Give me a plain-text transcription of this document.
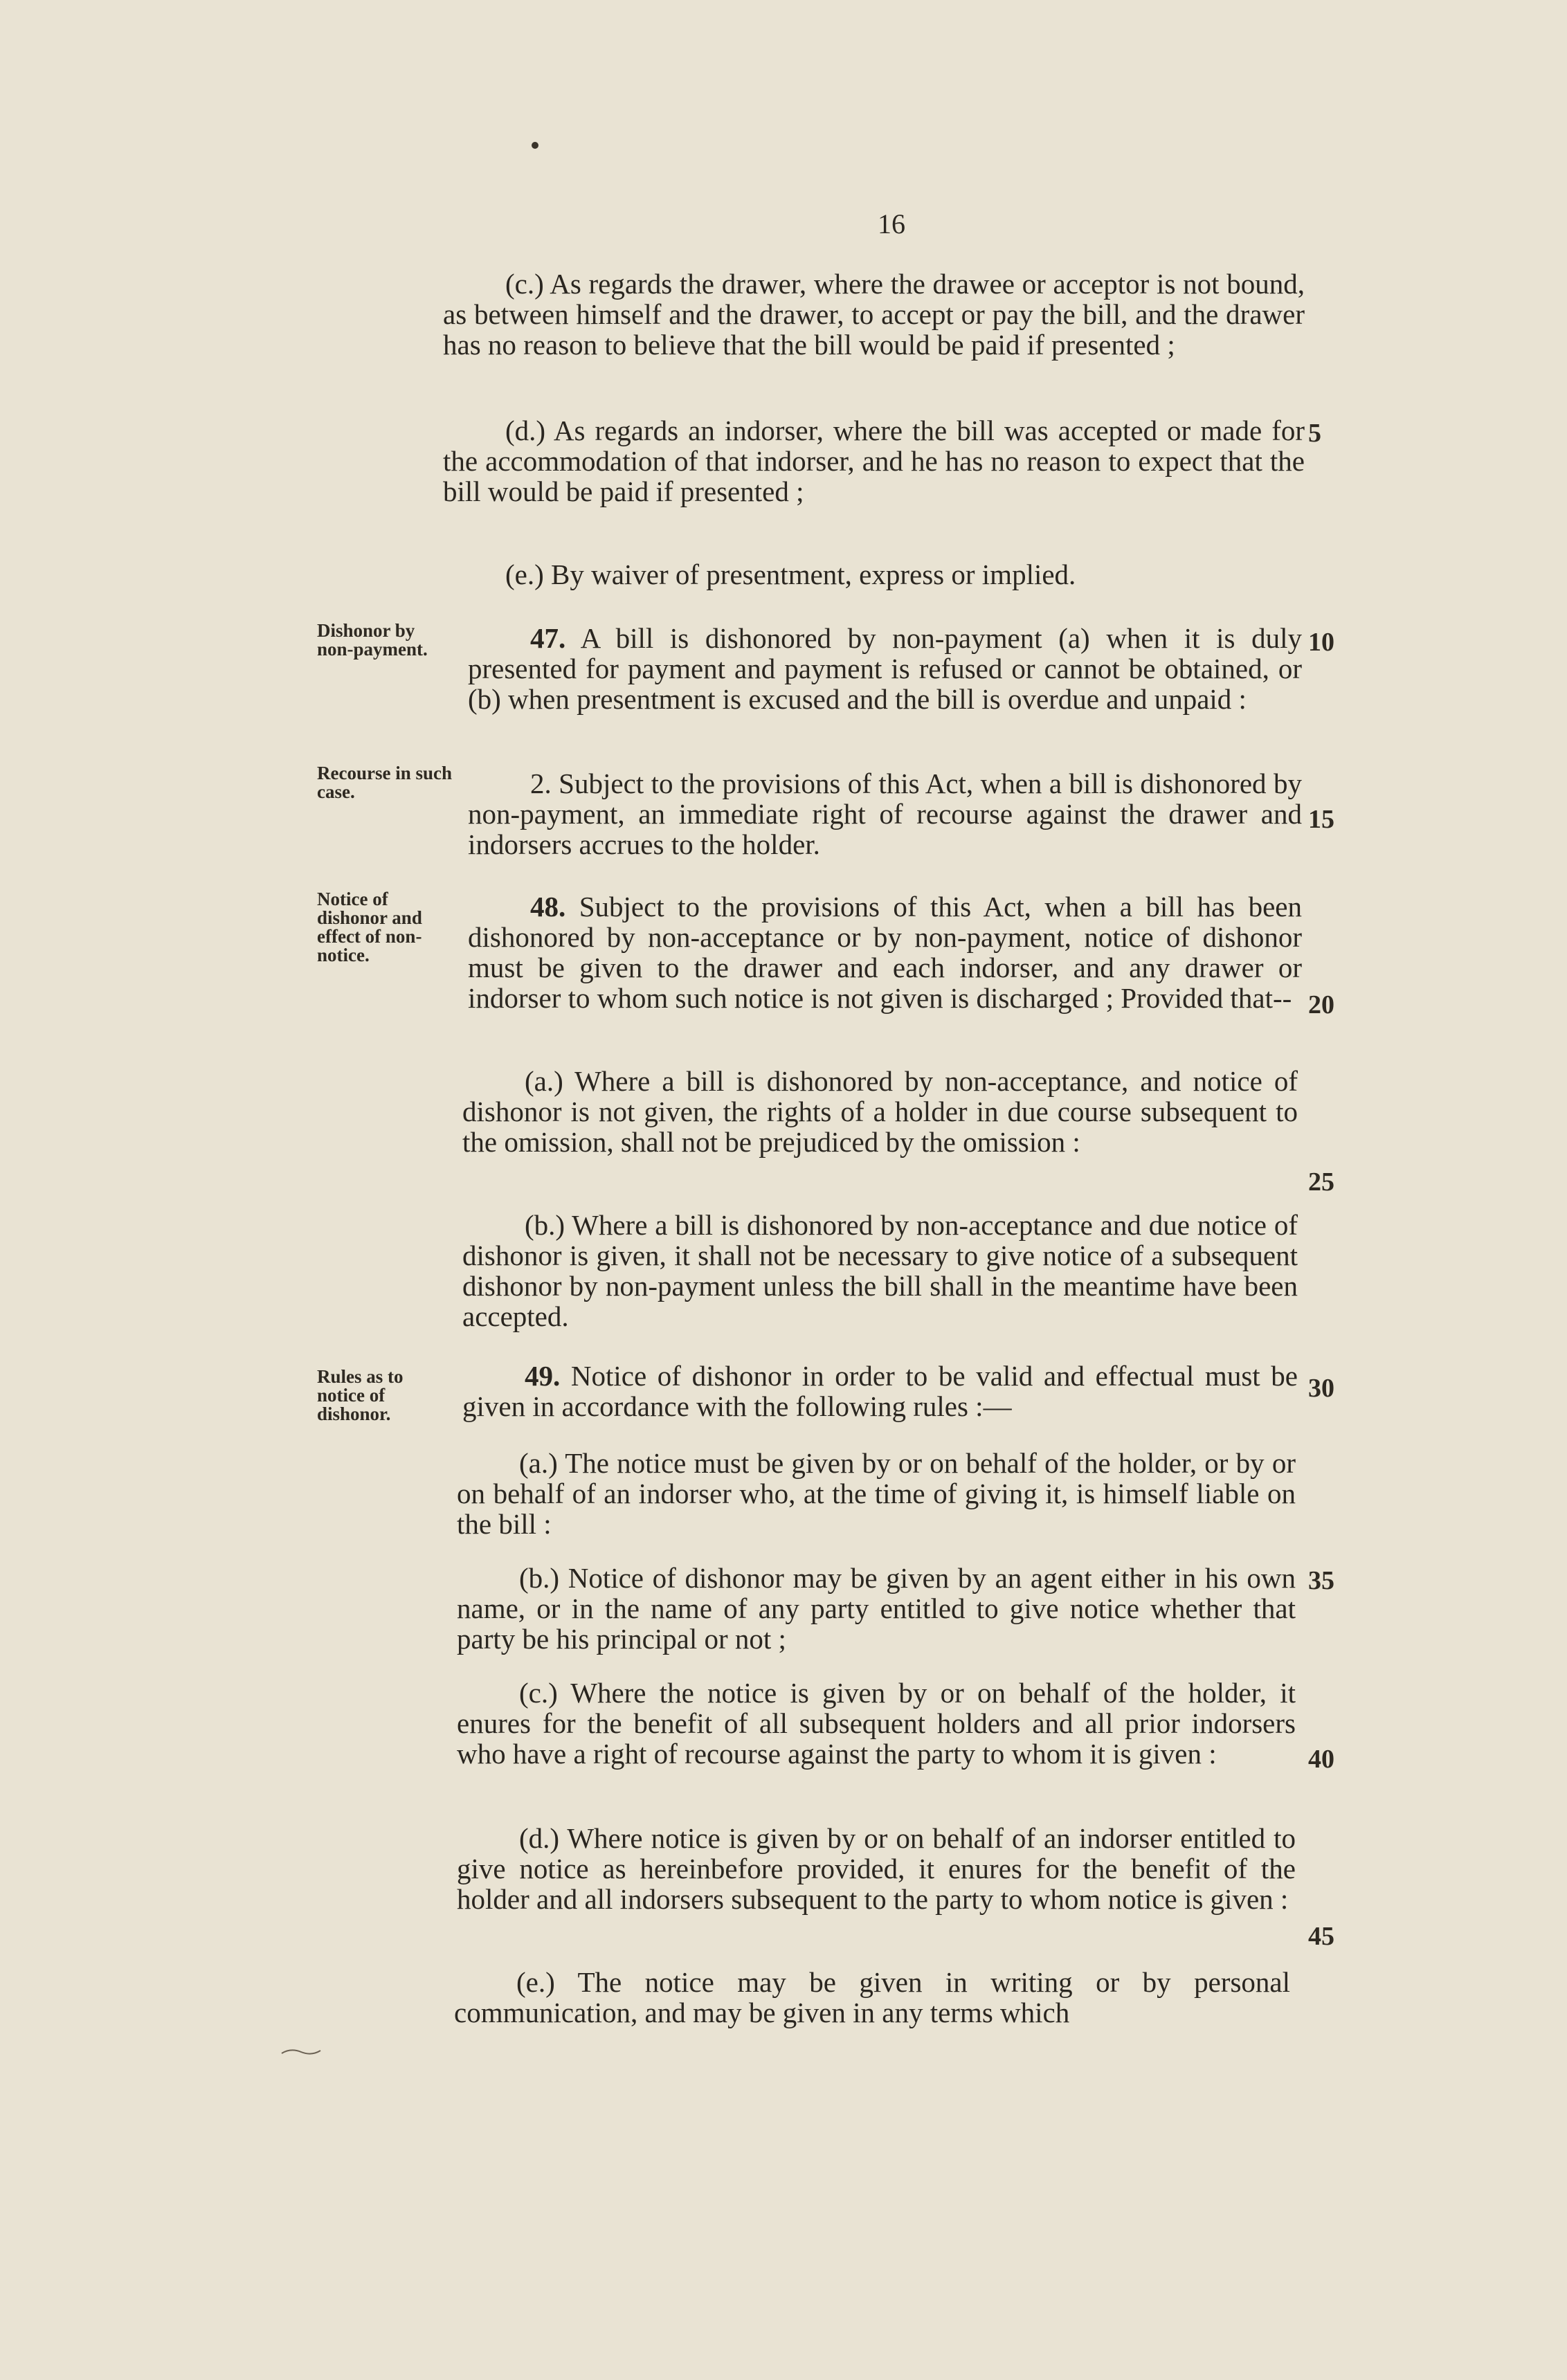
16

(c.) As regards the drawer, where the drawee or acceptor is not bound, as between himself and the drawer, to accept or pay the bill, and the drawer has no reason to believe that the bill would be paid if presented ;

(d.) As regards an indorser, where the bill was accepted or made for the accommodation of that indorser, and he has no reason to expect that the bill would be paid if presented ;

(e.) By waiver of presentment, express or implied.

47. A bill is dishonored by non-payment (a) when it is duly presented for payment and payment is refused or cannot be obtained, or (b) when presentment is excused and the bill is overdue and unpaid :

2. Subject to the provisions of this Act, when a bill is dishonored by non-payment, an immediate right of recourse against the drawer and indorsers accrues to the holder.

48. Subject to the provisions of this Act, when a bill has been dishonored by non-acceptance or by non-payment, notice of dishonor must be given to the drawer and each indorser, and any drawer or indorser to whom such notice is not given is discharged ; Provided that--

(a.) Where a bill is dishonored by non-acceptance, and notice of dishonor is not given, the rights of a holder in due course subsequent to the omission, shall not be prejudiced by the omission :

(b.) Where a bill is dishonored by non-acceptance and due notice of dishonor is given, it shall not be necessary to give notice of a subsequent dishonor by non-payment unless the bill shall in the meantime have been accepted.

49. Notice of dishonor in order to be valid and effectual must be given in accordance with the following rules :—

(a.) The notice must be given by or on behalf of the holder, or by or on behalf of an indorser who, at the time of giving it, is himself liable on the bill :

(b.) Notice of dishonor may be given by an agent either in his own name, or in the name of any party entitled to give notice whether that party be his principal or not ;

(c.) Where the notice is given by or on behalf of the holder, it enures for the benefit of all subsequent holders and all prior indorsers who have a right of recourse against the party to whom it is given :

(d.) Where notice is given by or on behalf of an indorser entitled to give notice as hereinbefore provided, it enures for the benefit of the holder and all indorsers subsequent to the party to whom notice is given :

(e.) The notice may be given in writing or by personal communication, and may be given in any terms which

Dishonor by non-payment.
Recourse in such case.
Notice of dishonor and effect of non-notice.
Rules as to notice of dishonor.
5
10
15
20
25
30
35
40
45
